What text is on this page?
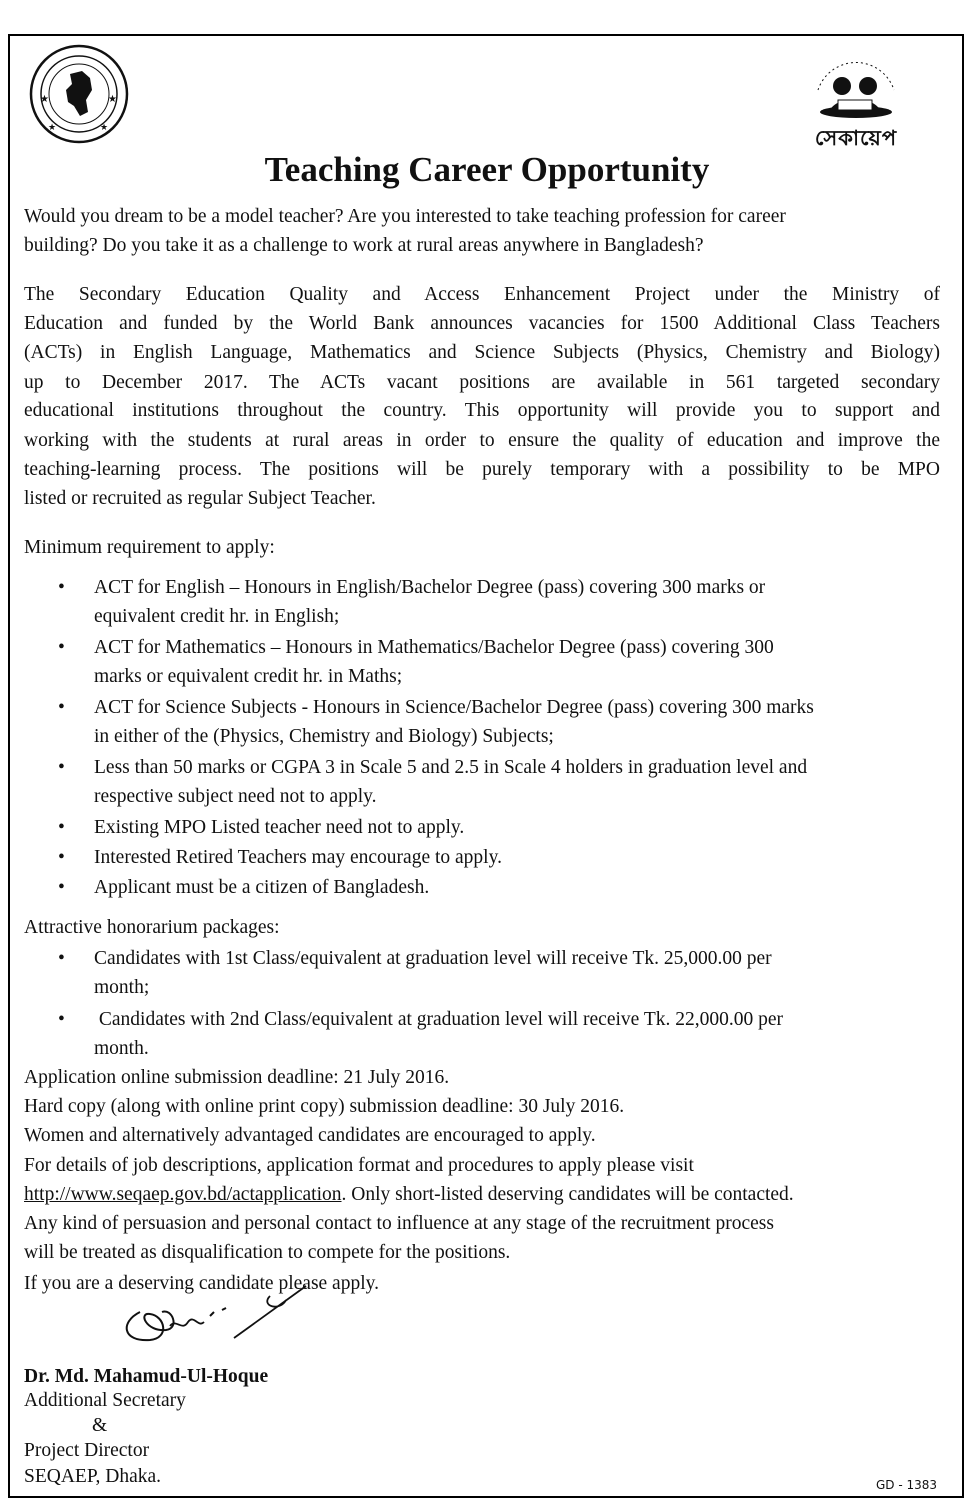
★	★
★	★	সেকায়েপ
Teaching Career Opportunity
Would you dream to be a model teacher? Are you interested to take teaching profession for career
building? Do you take it as a challenge to work at rural areas anywhere in Bangladesh?
The Secondary Education Quality and Access Enhancement Project under the Ministry of
Education and funded by the World Bank announces vacancies for 1500 Additional Class Teachers
(ACTs) in English Language, Mathematics and Science Subjects (Physics, Chemistry and Biology)
up to December 2017. The ACTs vacant positions are available in 561 targeted secondary
educational institutions throughout the country. This opportunity will provide you to support and
working with the students at rural areas in order to ensure the quality of education and improve the
teaching-learning process. The positions will be purely temporary with a possibility to be MPO
listed or recruited as regular Subject Teacher.
Minimum requirement to apply:
• ACT for English – Honours in English/Bachelor Degree (pass) covering 300 marks or
equivalent credit hr. in English;
• ACT for Mathematics – Honours in Mathematics/Bachelor Degree (pass) covering 300
marks or equivalent credit hr. in Maths;
• ACT for Science Subjects - Honours in Science/Bachelor Degree (pass) covering 300 marks
in either of the (Physics, Chemistry and Biology) Subjects;
• Less than 50 marks or CGPA 3 in Scale 5 and 2.5 in Scale 4 holders in graduation level and
respective subject need not to apply.
• Existing MPO Listed teacher need not to apply.
• Interested Retired Teachers may encourage to apply.
• Applicant must be a citizen of Bangladesh.
Attractive honorarium packages:
• Candidates with 1st Class/equivalent at graduation level will receive Tk. 25,000.00 per
month;
• Candidates with 2nd Class/equivalent at graduation level will receive Tk. 22,000.00 per
month.
Application online submission deadline: 21 July 2016.
Hard copy (along with online print copy) submission deadline: 30 July 2016.
Women and alternatively advantaged candidates are encouraged to apply.
For details of job descriptions, application format and procedures to apply please visit
http://www.seqaep.gov.bd/actapplication. Only short-listed deserving candidates will be contacted.
Any kind of persuasion and personal contact to influence at any stage of the recruitment process
will be treated as disqualification to compete for the positions.
If you are a deserving candidate please apply.
Dr. Md. Mahamud-Ul-Hoque
Additional Secretary
&
Project Director
SEQAEP, Dhaka.	GD - 1383
